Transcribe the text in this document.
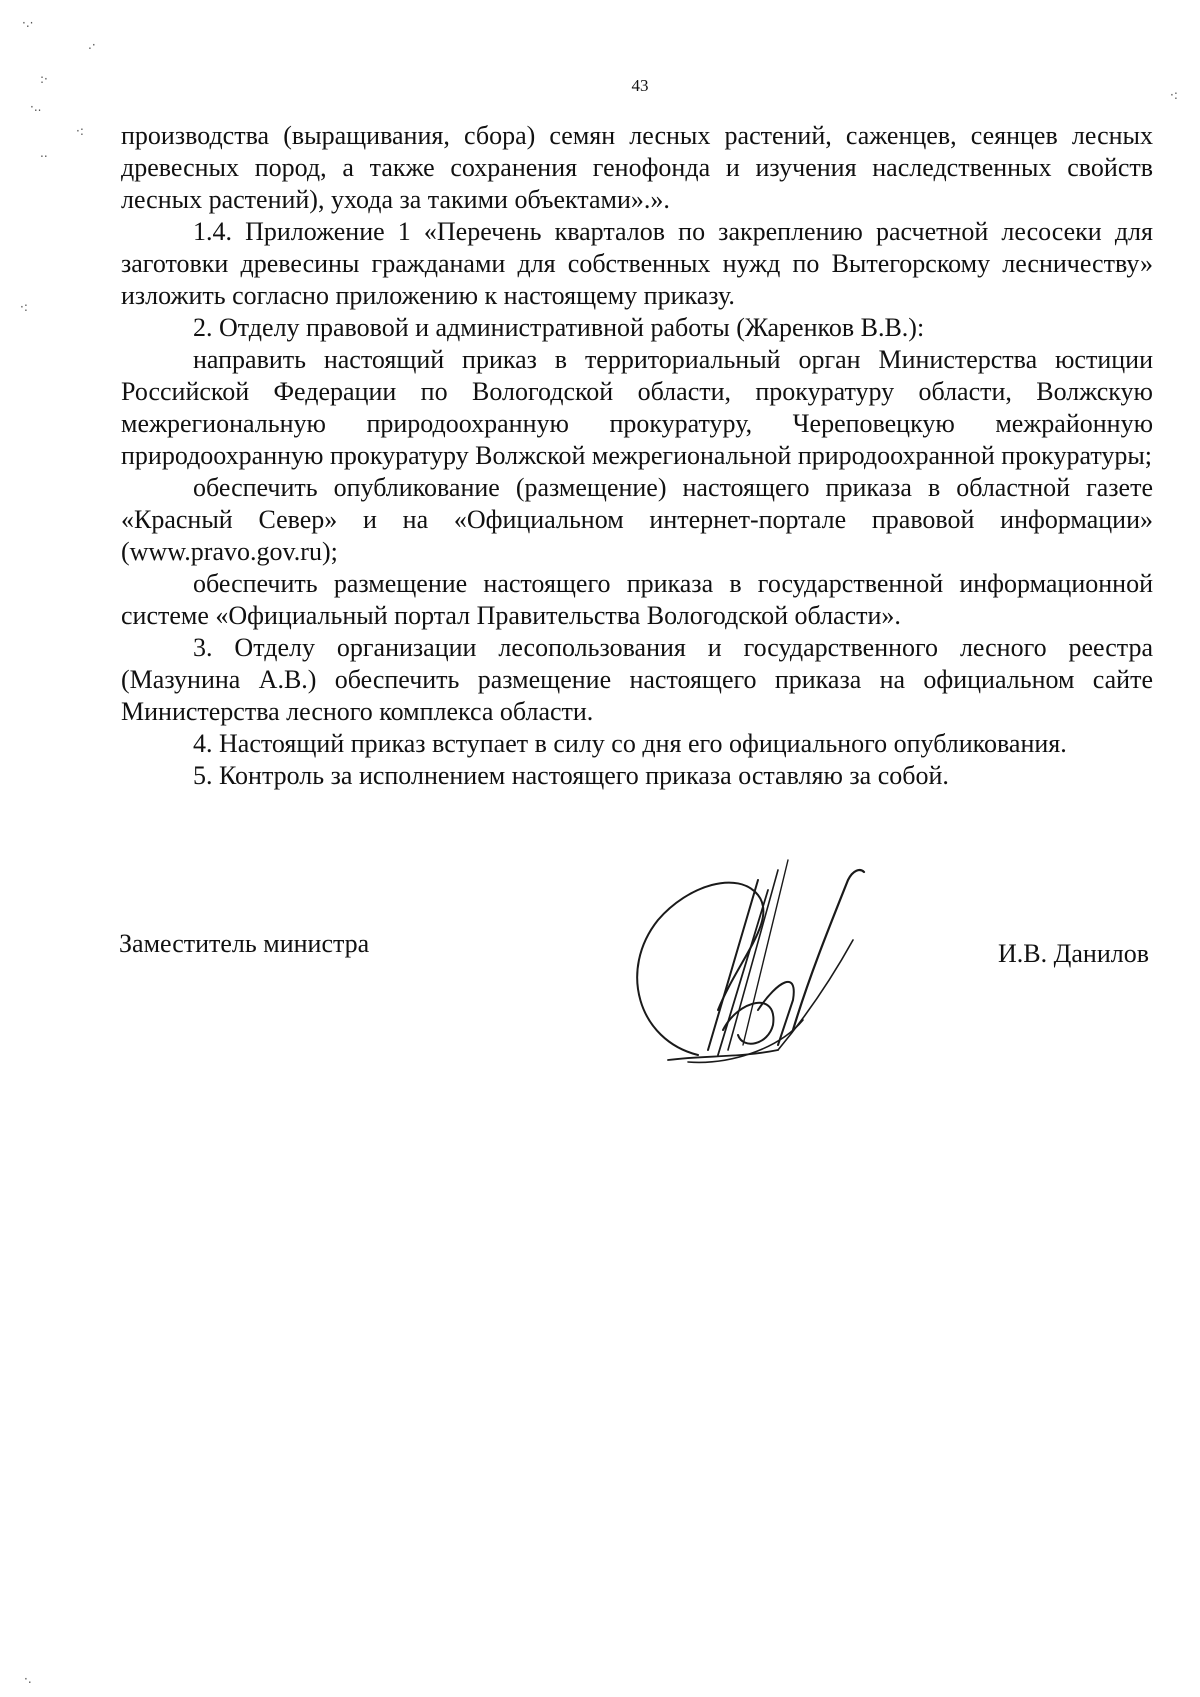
·.·
.·
:·
·..
·:
..
·:
·:
·.
43

производства (выращивания, сбора) семян лесных растений, саженцев, сеянцев лесных древесных пород, а также сохранения генофонда и изучения наследственных свойств лесных растений), ухода за такими объектами».».

1.4. Приложение 1 «Перечень кварталов по закреплению расчетной лесосеки для заготовки древесины гражданами для собственных нужд по Вытегорскому лесничеству» изложить согласно приложению к настоящему приказу.

2. Отделу правовой и административной работы (Жаренков В.В.):

направить настоящий приказ в территориальный орган Министерства юстиции Российской Федерации по Вологодской области, прокуратуру области, Волжскую межрегиональную природоохранную прокуратуру, Череповецкую межрайонную природоохранную прокуратуру Волжской межрегиональной природоохранной прокуратуры;

обеспечить опубликование (размещение) настоящего приказа в областной газете «Красный Север» и на «Официальном интернет-портале правовой информации» (www.pravo.gov.ru);

обеспечить размещение настоящего приказа в государственной информационной системе «Официальный портал Правительства Вологодской области».

3. Отделу организации лесопользования и государственного лесного реестра (Мазунина А.В.) обеспечить размещение настоящего приказа на официальном сайте Министерства лесного комплекса области.

4. Настоящий приказ вступает в силу со дня его официального опубликования.

5. Контроль за исполнением настоящего приказа оставляю за собой.

Заместитель министра	И.В. Данилов
